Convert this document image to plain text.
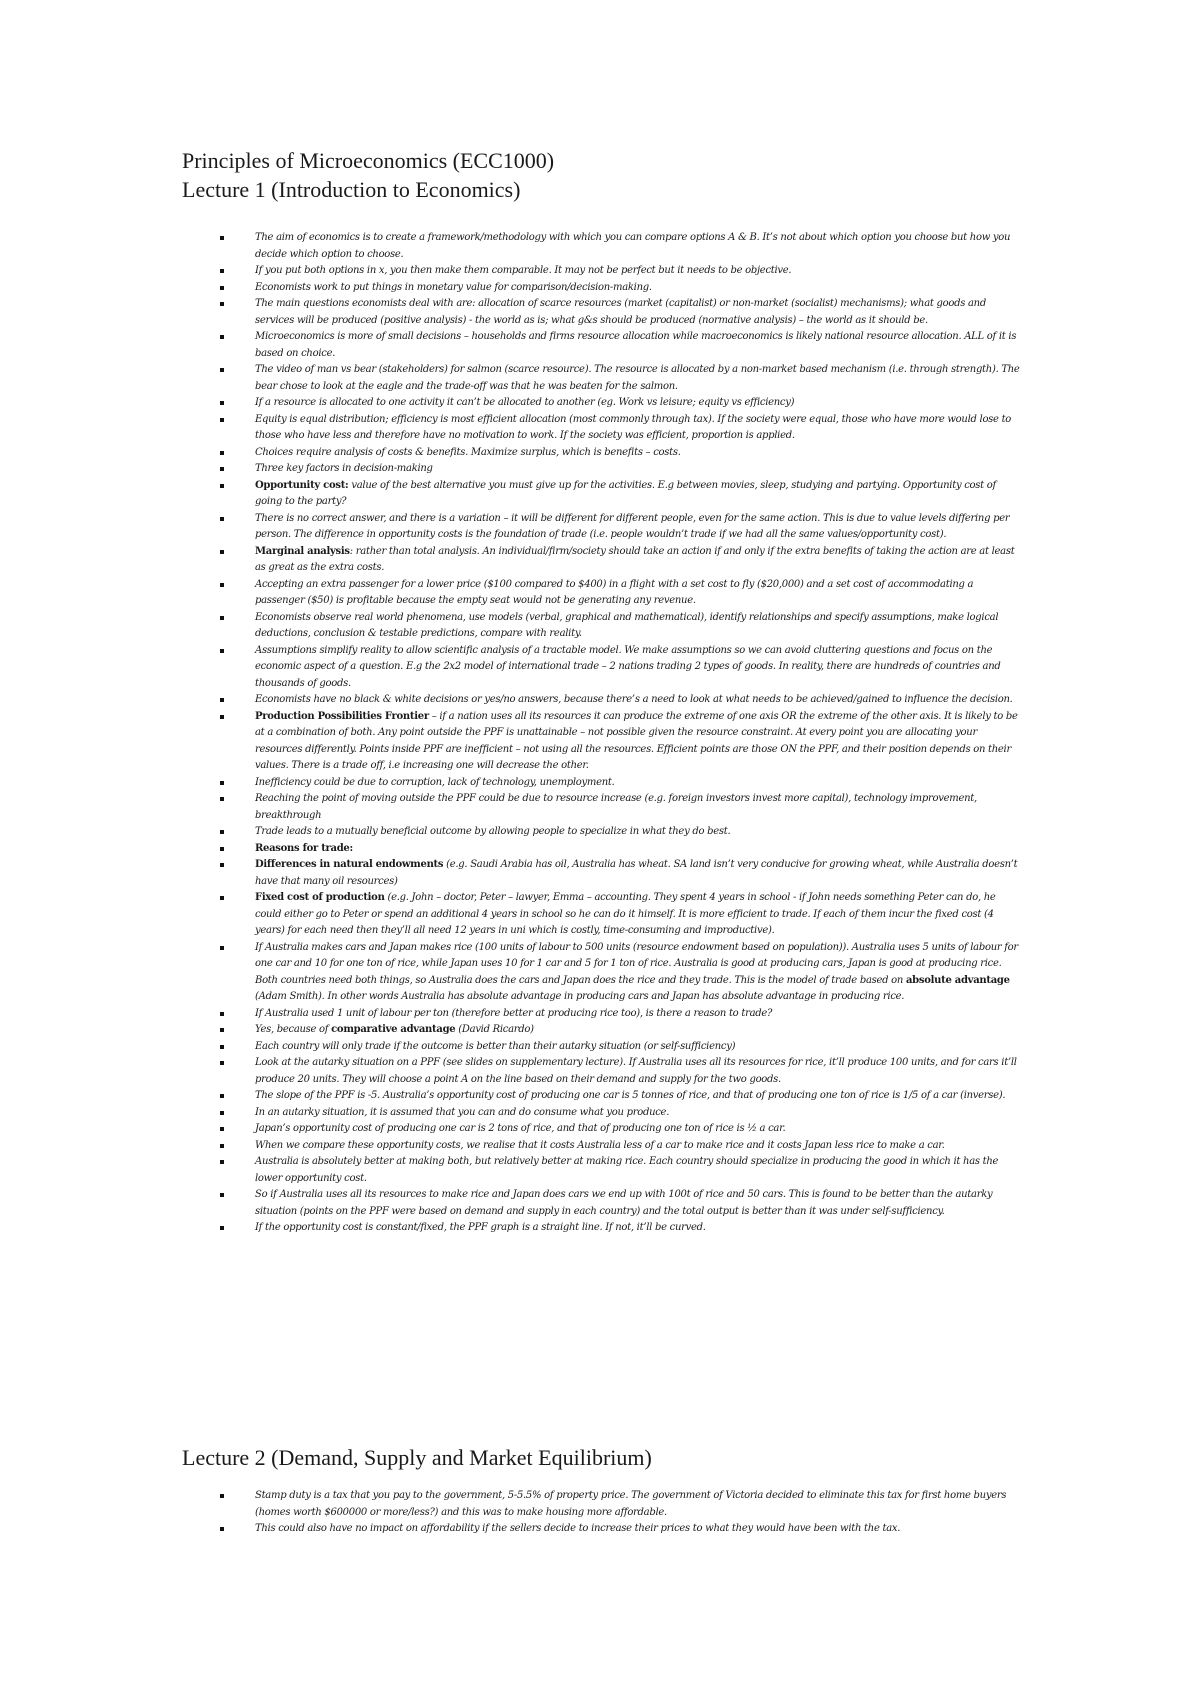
Principles of Microeconomics (ECC1000)
Lecture 1 (Introduction to Economics)
The aim of economics is to create a framework/methodology with which you can compare options A & B. It’s not about which option you choose but how you decide which option to choose.
If you put both options in x, you then make them comparable. It may not be perfect but it needs to be objective.
Economists work to put things in monetary value for comparison/decision-making.
The main questions economists deal with are: allocation of scarce resources (market (capitalist) or non-market (socialist) mechanisms); what goods and services will be produced (positive analysis) - the world as is; what g&s should be produced (normative analysis) – the world as it should be.
Microeconomics is more of small decisions – households and firms resource allocation while macroeconomics is likely national resource allocation. ALL of it is based on choice.
The video of man vs bear (stakeholders) for salmon (scarce resource). The resource is allocated by a non-market based mechanism (i.e. through strength). The bear chose to look at the eagle and the trade-off was that he was beaten for the salmon.
If a resource is allocated to one activity it can’t be allocated to another (eg. Work vs leisure; equity vs efficiency)
Equity is equal distribution; efficiency is most efficient allocation (most commonly through tax). If the society were equal, those who have more would lose to those who have less and therefore have no motivation to work. If the society was efficient, proportion is applied.
Choices require analysis of costs & benefits. Maximize surplus, which is benefits – costs.
Three key factors in decision-making
Opportunity cost: value of the best alternative you must give up for the activities. E.g between movies, sleep, studying and partying. Opportunity cost of going to the party?
There is no correct answer, and there is a variation – it will be different for different people, even for the same action. This is due to value levels differing per person. The difference in opportunity costs is the foundation of trade (i.e. people wouldn’t trade if we had all the same values/opportunity cost).
Marginal analysis: rather than total analysis. An individual/firm/society should take an action if and only if the extra benefits of taking the action are at least as great as the extra costs.
Accepting an extra passenger for a lower price ($100 compared to $400) in a flight with a set cost to fly ($20,000) and a set cost of accommodating a passenger ($50) is profitable because the empty seat would not be generating any revenue.
Economists observe real world phenomena, use models (verbal, graphical and mathematical), identify relationships and specify assumptions, make logical deductions, conclusion & testable predictions, compare with reality.
Assumptions simplify reality to allow scientific analysis of a tractable model. We make assumptions so we can avoid cluttering questions and focus on the economic aspect of a question. E.g the 2x2 model of international trade – 2 nations trading 2 types of goods. In reality, there are hundreds of countries and thousands of goods.
Economists have no black & white decisions or yes/no answers, because there’s a need to look at what needs to be achieved/gained to influence the decision.
Production Possibilities Frontier – if a nation uses all its resources it can produce the extreme of one axis OR the extreme of the other axis. It is likely to be at a combination of both. Any point outside the PPF is unattainable – not possible given the resource constraint. At every point you are allocating your resources differently. Points inside PPF are inefficient – not using all the resources. Efficient points are those ON the PPF, and their position depends on their values. There is a trade off, i.e increasing one will decrease the other.
Inefficiency could be due to corruption, lack of technology, unemployment.
Reaching the point of moving outside the PPF could be due to resource increase (e.g. foreign investors invest more capital), technology improvement, breakthrough
Trade leads to a mutually beneficial outcome by allowing people to specialize in what they do best.
Reasons for trade:
Differences in natural endowments (e.g. Saudi Arabia has oil, Australia has wheat. SA land isn’t very conducive for growing wheat, while Australia doesn’t have that many oil resources)
Fixed cost of production (e.g. John – doctor, Peter – lawyer, Emma – accounting. They spent 4 years in school - if John needs something Peter can do, he could either go to Peter or spend an additional 4 years in school so he can do it himself. It is more efficient to trade. If each of them incur the fixed cost (4 years) for each need then they’ll all need 12 years in uni which is costly, time-consuming and improductive).
If Australia makes cars and Japan makes rice (100 units of labour to 500 units (resource endowment based on population)). Australia uses 5 units of labour for one car and 10 for one ton of rice, while Japan uses 10 for 1 car and 5 for 1 ton of rice. Australia is good at producing cars, Japan is good at producing rice. Both countries need both things, so Australia does the cars and Japan does the rice and they trade. This is the model of trade based on absolute advantage (Adam Smith). In other words Australia has absolute advantage in producing cars and Japan has absolute advantage in producing rice.
If Australia used 1 unit of labour per ton (therefore better at producing rice too), is there a reason to trade?
Yes, because of comparative advantage (David Ricardo)
Each country will only trade if the outcome is better than their autarky situation (or self-sufficiency)
Look at the autarky situation on a PPF (see slides on supplementary lecture). If Australia uses all its resources for rice, it’ll produce 100 units, and for cars it’ll produce 20 units. They will choose a point A on the line based on their demand and supply for the two goods.
The slope of the PPF is -5. Australia’s opportunity cost of producing one car is 5 tonnes of rice, and that of producing one ton of rice is 1/5 of a car (inverse).
In an autarky situation, it is assumed that you can and do consume what you produce.
Japan’s opportunity cost of producing one car is 2 tons of rice, and that of producing one ton of rice is ½ a car.
When we compare these opportunity costs, we realise that it costs Australia less of a car to make rice and it costs Japan less rice to make a car.
Australia is absolutely better at making both, but relatively better at making rice. Each country should specialize in producing the good in which it has the lower opportunity cost.
So if Australia uses all its resources to make rice and Japan does cars we end up with 100t of rice and 50 cars. This is found to be better than the autarky situation (points on the PPF were based on demand and supply in each country) and the total output is better than it was under self-sufficiency.
If the opportunity cost is constant/fixed, the PPF graph is a straight line. If not, it’ll be curved.
Lecture 2 (Demand, Supply and Market Equilibrium)
Stamp duty is a tax that you pay to the government, 5-5.5% of property price. The government of Victoria decided to eliminate this tax for first home buyers (homes worth $600000 or more/less?) and this was to make housing more affordable.
This could also have no impact on affordability if the sellers decide to increase their prices to what they would have been with the tax.
